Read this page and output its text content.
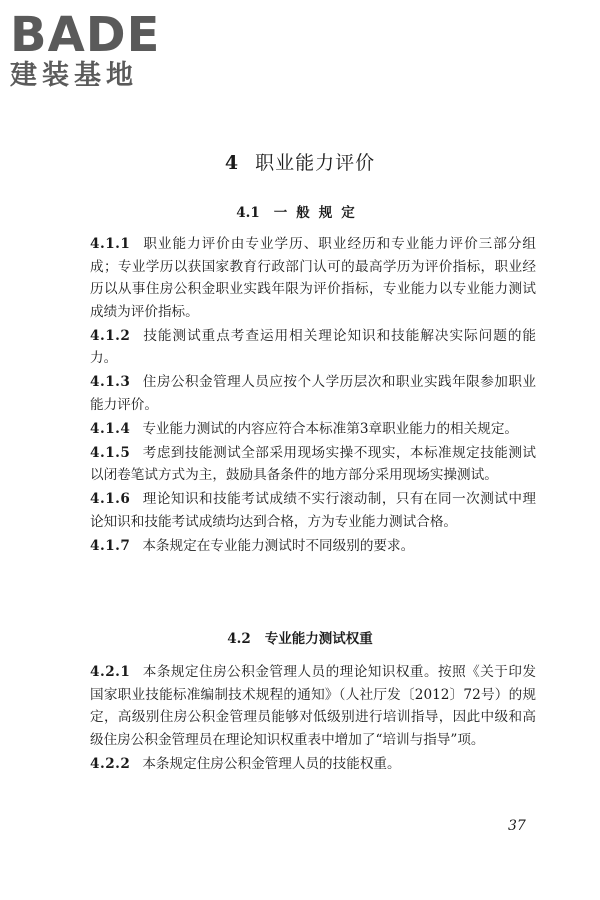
BADE
建装基地
4 职业能力评价
4.1 一般规定
4.1.1 职业能力评价由专业学历、职业经历和专业能力评价三部分组成；专业学历以获国家教育行政部门认可的最高学历为评价指标，职业经历以从事住房公积金职业实践年限为评价指标，专业能力以专业能力测试成绩为评价指标。
4.1.2 技能测试重点考查运用相关理论知识和技能解决实际问题的能力。
4.1.3 住房公积金管理人员应按个人学历层次和职业实践年限参加职业能力评价。
4.1.4 专业能力测试的内容应符合本标准第3章职业能力的相关规定。
4.1.5 考虑到技能测试全部采用现场实操不现实，本标准规定技能测试以闭卷笔试方式为主，鼓励具备条件的地方部分采用现场实操测试。
4.1.6 理论知识和技能考试成绩不实行滚动制，只有在同一次测试中理论知识和技能考试成绩均达到合格，方为专业能力测试合格。
4.1.7 本条规定在专业能力测试时不同级别的要求。
4.2 专业能力测试权重
4.2.1 本条规定住房公积金管理人员的理论知识权重。按照《关于印发国家职业技能标准编制技术规程的通知》（人社厅发〔2012〕72号）的规定，高级别住房公积金管理员能够对低级别进行培训指导，因此中级和高级住房公积金管理员在理论知识权重表中增加了“培训与指导”项。
4.2.2 本条规定住房公积金管理人员的技能权重。
37
